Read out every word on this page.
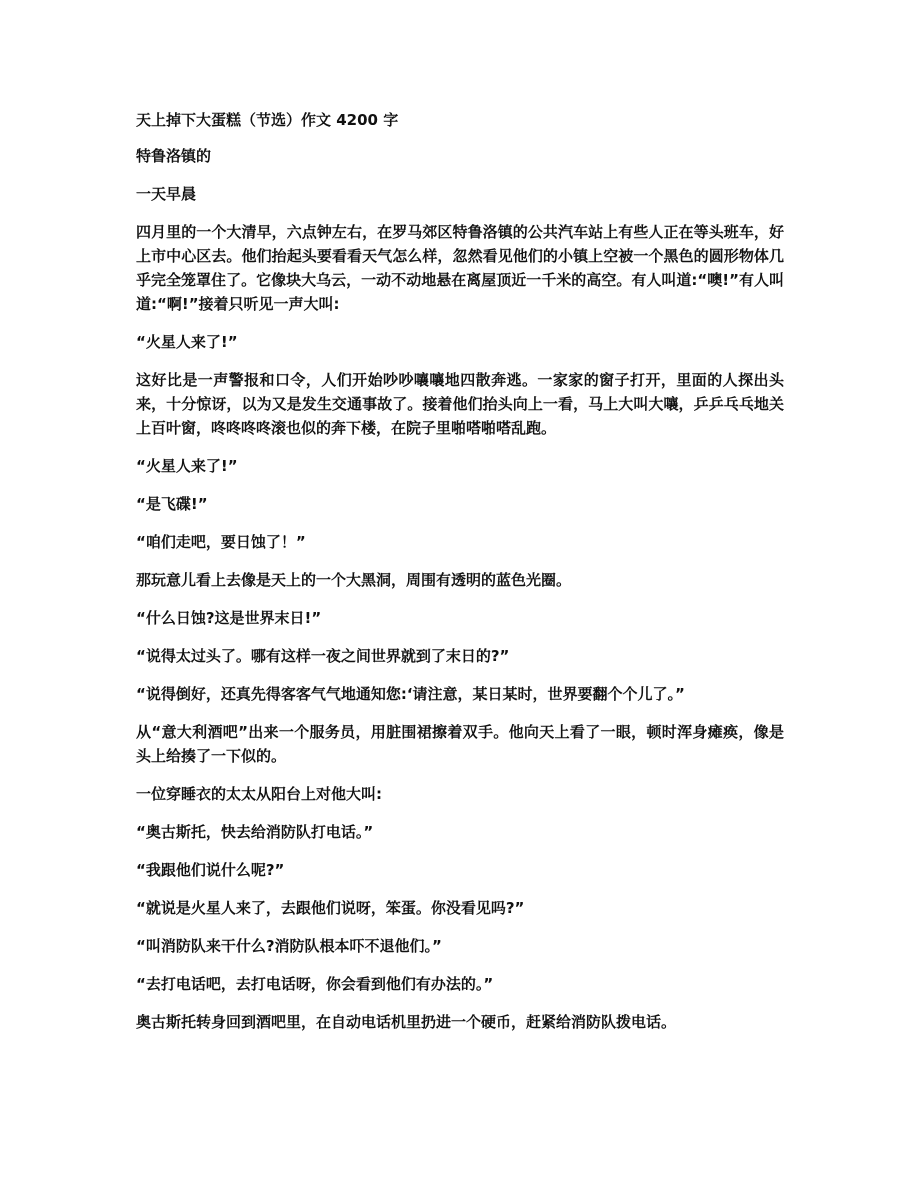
天上掉下大蛋糕（节选）作文 4200 字

特鲁洛镇的

一天早晨

四月里的一个大清早，六点钟左右，在罗马郊区特鲁洛镇的公共汽车站上有些人正在等头班车，好上市中心区去。他们抬起头要看看天气怎么样，忽然看见他们的小镇上空被一个黑色的圆形物体几乎完全笼罩住了。它像块大乌云，一动不动地悬在离屋顶近一千米的高空。有人叫道:“噢!”有人叫道:“啊!”接着只听见一声大叫:

“火星人来了!”

这好比是一声警报和口令，人们开始吵吵嚷嚷地四散奔逃。一家家的窗子打开，里面的人探出头来，十分惊讶，以为又是发生交通事故了。接着他们抬头向上一看，马上大叫大嚷，乒乒乓乓地关上百叶窗，咚咚咚咚滚也似的奔下楼，在院子里啪嗒啪嗒乱跑。

“火星人来了!”

“是飞碟!”

“咱们走吧，要日蚀了！”

那玩意儿看上去像是天上的一个大黑洞，周围有透明的蓝色光圈。

“什么日蚀?这是世界末日!”

“说得太过头了。哪有这样一夜之间世界就到了末日的?”

“说得倒好，还真先得客客气气地通知您:‘请注意，某日某时，世界要翻个个儿了。”

从“意大利酒吧”出来一个服务员，用脏围裙擦着双手。他向天上看了一眼，顿时浑身瘫痪，像是头上给揍了一下似的。

一位穿睡衣的太太从阳台上对他大叫:

“奥古斯托，快去给消防队打电话。”

“我跟他们说什么呢?”

“就说是火星人来了，去跟他们说呀，笨蛋。你没看见吗?”

“叫消防队来干什么?消防队根本吓不退他们。”

“去打电话吧，去打电话呀，你会看到他们有办法的。”

奥古斯托转身回到酒吧里，在自动电话机里扔进一个硬币，赶紧给消防队拨电话。
